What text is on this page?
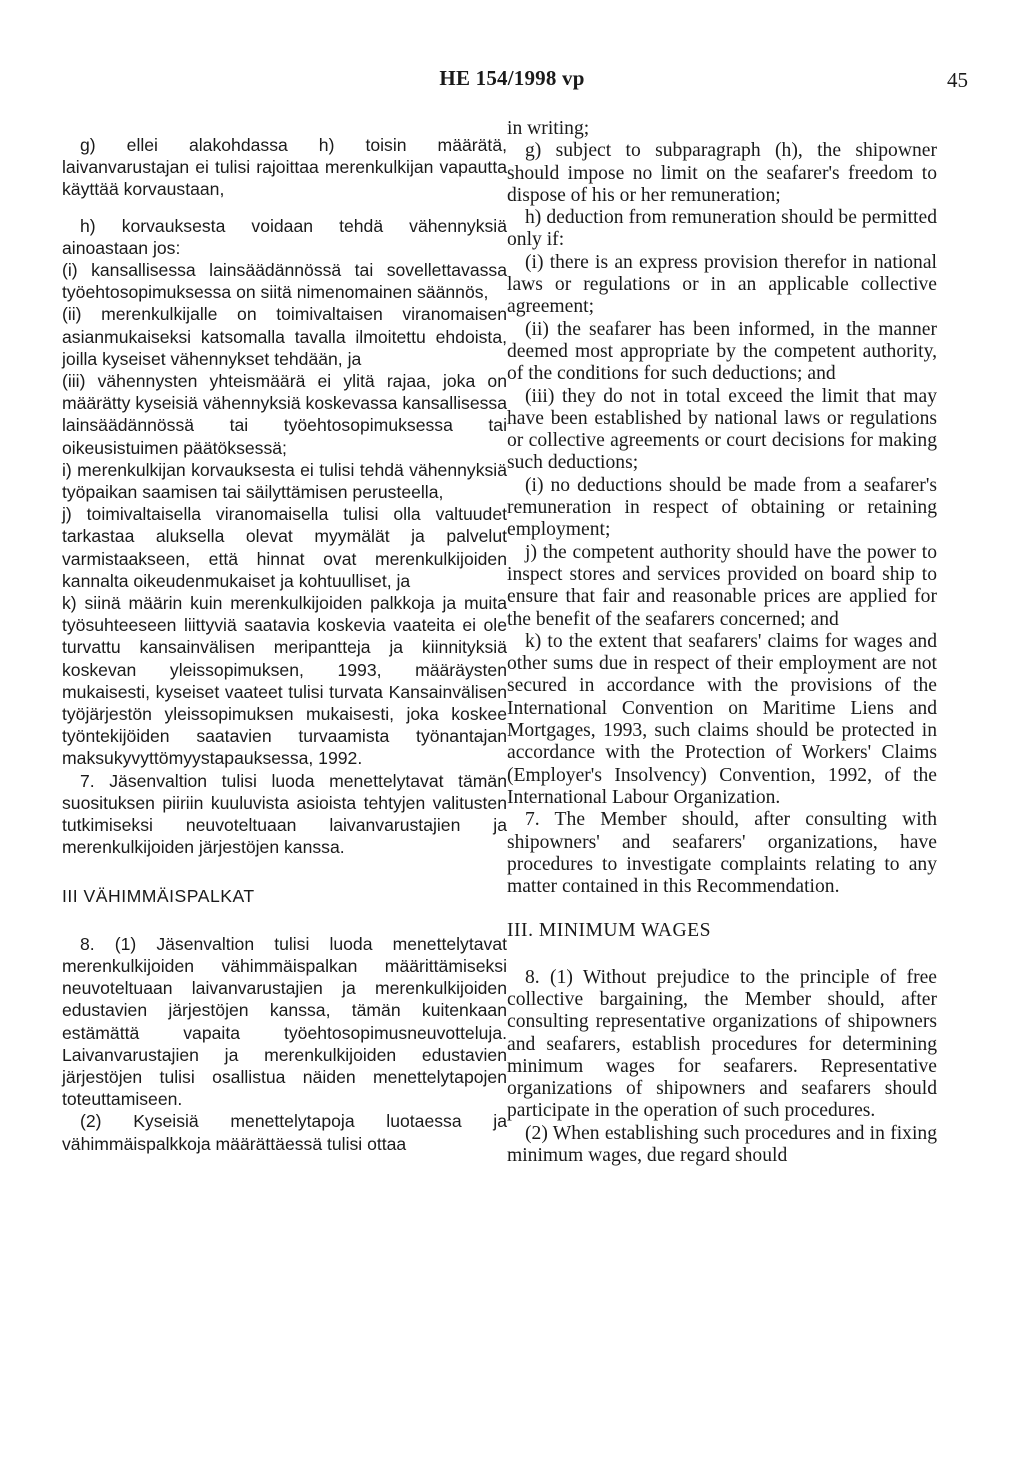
HE 154/1998 vp	45

g) ellei alakohdassa h) toisin määrätä, laivanvarustajan ei tulisi rajoittaa merenkulkijan vapautta käyttää korvaustaan,

h) korvauksesta voidaan tehdä vähennyksiä ainoastaan jos:

(i) kansallisessa lainsäädännössä tai sovellettavassa työehtosopimuksessa on siitä nimenomainen säännös,

(ii) merenkulkijalle on toimivaltaisen viranomaisen asianmukaiseksi katsomalla tavalla ilmoitettu ehdoista, joilla kyseiset vähennykset tehdään, ja

(iii) vähennysten yhteismäärä ei ylitä rajaa, joka on määrätty kyseisiä vähennyksiä koskevassa kansallisessa lainsäädännössä tai työehtosopimuksessa tai oikeusistuimen päätöksessä;

i) merenkulkijan korvauksesta ei tulisi tehdä vähennyksiä työpaikan saamisen tai säilyttämisen perusteella,

j) toimivaltaisella viranomaisella tulisi olla valtuudet tarkastaa aluksella olevat myymälät ja palvelut varmistaakseen, että hinnat ovat merenkulkijoiden kannalta oikeudenmukaiset ja kohtuulliset, ja

k) siinä määrin kuin merenkulkijoiden palkkoja ja muita työsuhteeseen liittyviä saatavia koskevia vaateita ei ole turvattu kansainvälisen meripantteja ja kiinnityksiä koskevan yleissopimuksen, 1993, määräysten mukaisesti, kyseiset vaateet tulisi turvata Kansainvälisen työjärjestön yleissopimuksen mukaisesti, joka koskee työntekijöiden saatavien turvaamista työnantajan maksukyvyttömyystapauksessa, 1992.

7. Jäsenvaltion tulisi luoda menettelytavat tämän suosituksen piiriin kuuluvista asioista tehtyjen valitusten tutkimiseksi neuvoteltuaan laivanvarustajien ja merenkulkijoiden järjestöjen kanssa.

III VÄHIMMÄISPALKAT

8. (1) Jäsenvaltion tulisi luoda menettelytavat merenkulkijoiden vähimmäispalkan määrittämiseksi neuvoteltuaan laivanvarustajien ja merenkulkijoiden edustavien järjestöjen kanssa, tämän kuitenkaan estämättä vapaita työehtosopimusneuvotteluja. Laivanvarustajien ja merenkulkijoiden edustavien järjestöjen tulisi osallistua näiden menettelytapojen toteuttamiseen.

(2) Kyseisiä menettelytapoja luotaessa ja vähimmäispalkkoja määrättäessä tulisi ottaa

in writing;

g) subject to subparagraph (h), the shipowner should impose no limit on the seafarer's freedom to dispose of his or her remuneration;

h) deduction from remuneration should be permitted only if:

(i) there is an express provision therefor in national laws or regulations or in an applicable collective agreement;

(ii) the seafarer has been informed, in the manner deemed most appropriate by the competent authority, of the conditions for such deductions; and

(iii) they do not in total exceed the limit that may have been established by national laws or regulations or collective agreements or court decisions for making such deductions;

(i) no deductions should be made from a seafarer's remuneration in respect of obtaining or retaining employment;

j) the competent authority should have the power to inspect stores and services provided on board ship to ensure that fair and reasonable prices are applied for the benefit of the seafarers concerned; and

k) to the extent that seafarers' claims for wages and other sums due in respect of their employment are not secured in accordance with the provisions of the International Convention on Maritime Liens and Mortgages, 1993, such claims should be protected in accordance with the Protection of Workers' Claims (Employer's Insolvency) Convention, 1992, of the International Labour Organization.

7. The Member should, after consulting with shipowners' and seafarers' organizations, have procedures to investigate complaints relating to any matter contained in this Recommendation.

III. MINIMUM WAGES

8. (1) Without prejudice to the principle of free collective bargaining, the Member should, after consulting representative organizations of shipowners and seafarers, establish procedures for determining minimum wages for seafarers. Representative organizations of shipowners and seafarers should participate in the operation of such procedures.

(2) When establishing such procedures and in fixing minimum wages, due regard should
